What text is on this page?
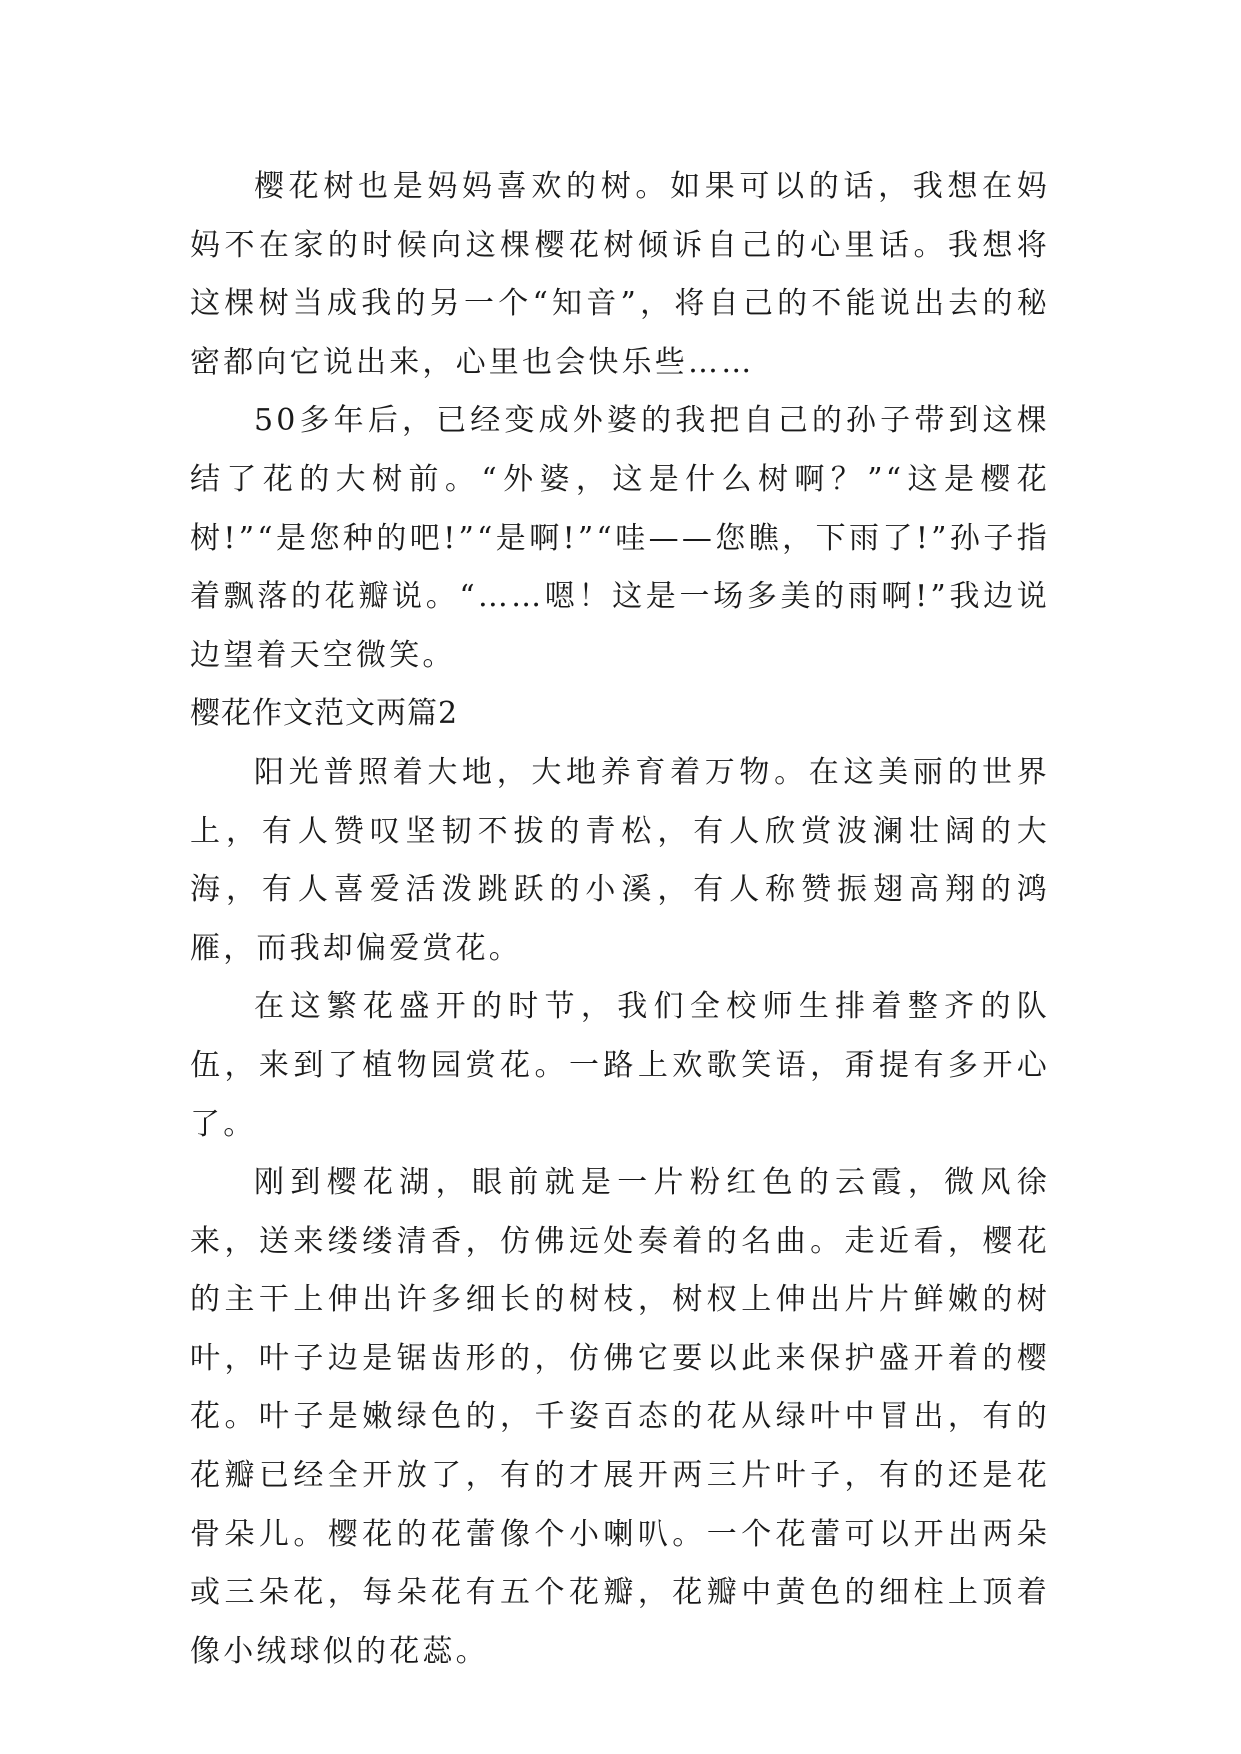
樱花树也是妈妈喜欢的树。如果可以的话，我想在妈妈不在家的时候向这棵樱花树倾诉自己的心里话。我想将这棵树当成我的另一个“知音”，将自己的不能说出去的秘密都向它说出来，心里也会快乐些……

50多年后，已经变成外婆的我把自己的孙子带到这棵结了花的大树前。“外婆，这是什么树啊？”“这是樱花树!”“是您种的吧!”“是啊!”“哇——您瞧，下雨了!”孙子指着飘落的花瓣说。“……嗯！这是一场多美的雨啊!”我边说边望着天空微笑。

樱花作文范文两篇2

阳光普照着大地，大地养育着万物。在这美丽的世界上，有人赞叹坚韧不拔的青松，有人欣赏波澜壮阔的大海，有人喜爱活泼跳跃的小溪，有人称赞振翅高翔的鸿雁，而我却偏爱赏花。

在这繁花盛开的时节，我们全校师生排着整齐的队伍，来到了植物园赏花。一路上欢歌笑语，甭提有多开心了。

刚到樱花湖，眼前就是一片粉红色的云霞，微风徐来，送来缕缕清香，仿佛远处奏着的名曲。走近看，樱花的主干上伸出许多细长的树枝，树杈上伸出片片鲜嫩的树叶，叶子边是锯齿形的，仿佛它要以此来保护盛开着的樱花。叶子是嫩绿色的，千姿百态的花从绿叶中冒出，有的花瓣已经全开放了，有的才展开两三片叶子，有的还是花骨朵儿。樱花的花蕾像个小喇叭。一个花蕾可以开出两朵或三朵花，每朵花有五个花瓣，花瓣中黄色的细柱上顶着像小绒球似的花蕊。
